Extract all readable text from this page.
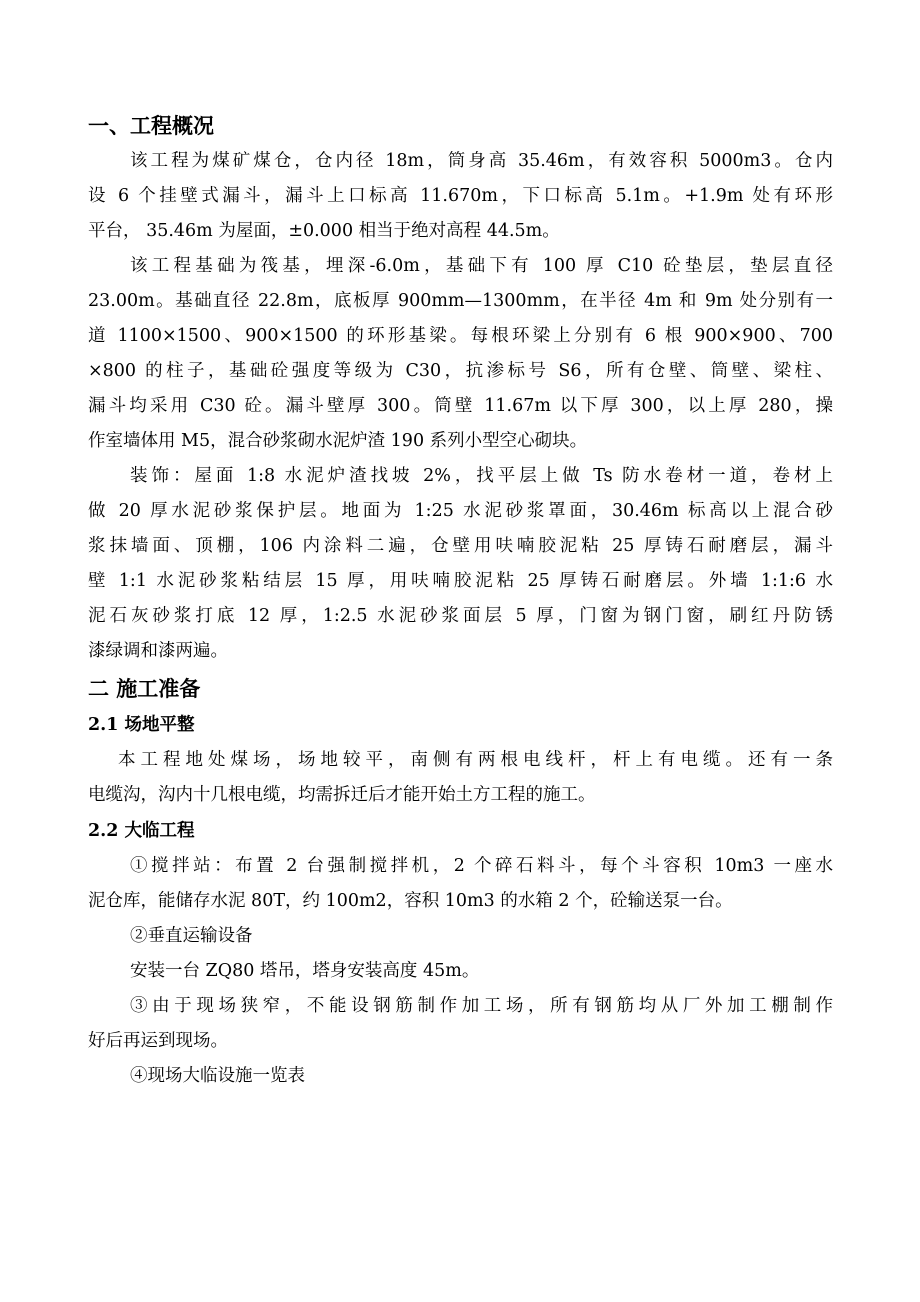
一、工程概况
该工程为煤矿煤仓，仓内径 18m，筒身高 35.46m，有效容积 5000m3。仓内
设 6 个挂壁式漏斗，漏斗上口标高 11.670m，下口标高 5.1m。+1.9m 处有环形
平台， 35.46m 为屋面，±0.000 相当于绝对高程 44.5m。
该工程基础为筏基，埋深-6.0m，基础下有 100 厚 C10 砼垫层，垫层直径
23.00m。基础直径 22.8m，底板厚 900mm—1300mm，在半径 4m 和 9m 处分别有一
道 1100×1500、900×1500 的环形基梁。每根环梁上分别有 6 根 900×900、700
×800 的柱子，基础砼强度等级为 C30，抗渗标号 S6，所有仓壁、筒壁、梁柱、
漏斗均采用 C30 砼。漏斗壁厚 300。筒壁 11.67m 以下厚 300，以上厚 280，操
作室墙体用 M5，混合砂浆砌水泥炉渣 190 系列小型空心砌块。
装饰：屋面 1:8 水泥炉渣找坡 2%，找平层上做 Ts 防水卷材一道，卷材上
做 20 厚水泥砂浆保护层。地面为 1:25 水泥砂浆罩面，30.46m 标高以上混合砂
浆抹墙面、顶棚，106 内涂料二遍，仓壁用呋喃胶泥粘 25 厚铸石耐磨层，漏斗
壁 1:1 水泥砂浆粘结层 15 厚，用呋喃胶泥粘 25 厚铸石耐磨层。外墙 1:1:6 水
泥石灰砂浆打底 12 厚，1:2.5 水泥砂浆面层 5 厚，门窗为钢门窗，刷红丹防锈
漆绿调和漆两遍。
二 施工准备
2.1 场地平整
本工程地处煤场，场地较平，南侧有两根电线杆，杆上有电缆。还有一条
电缆沟，沟内十几根电缆，均需拆迁后才能开始土方工程的施工。
2.2 大临工程
①搅拌站：布置 2 台强制搅拌机，2 个碎石料斗，每个斗容积 10m3 一座水
泥仓库，能储存水泥 80T，约 100m2，容积 10m3 的水箱 2 个，砼输送泵一台。
②垂直运输设备
安装一台 ZQ80 塔吊，塔身安装高度 45m。
③由于现场狭窄，不能设钢筋制作加工场，所有钢筋均从厂外加工棚制作
好后再运到现场。
④现场大临设施一览表
